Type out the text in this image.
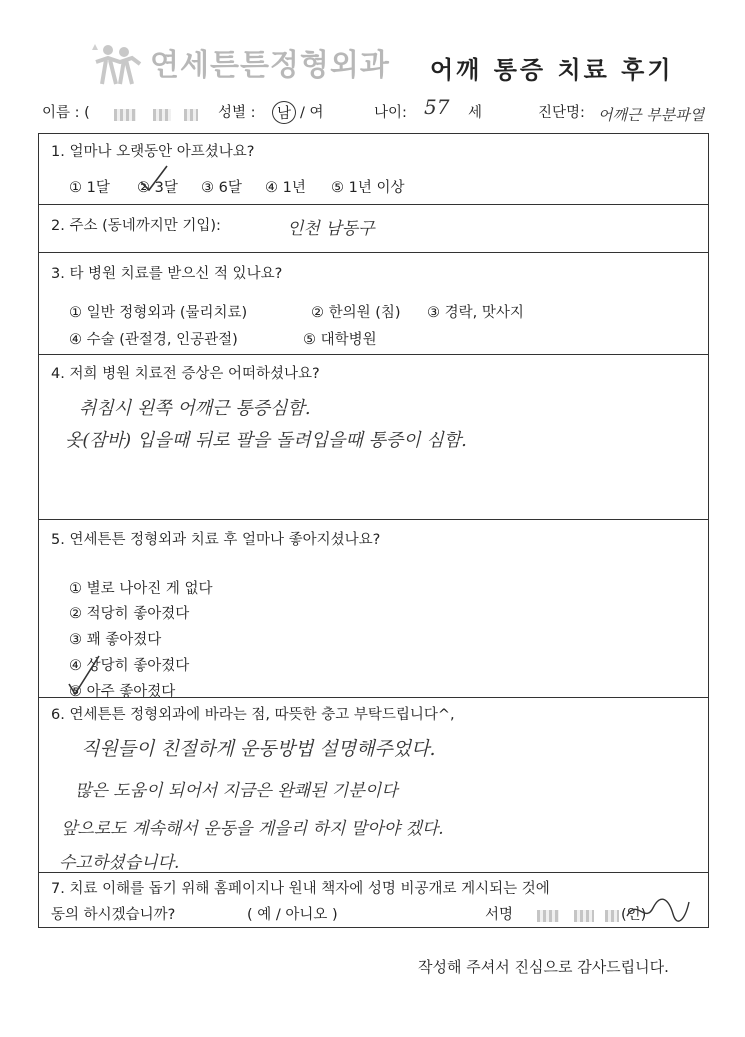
연세튼튼정형외과 어깨 통증 치료 후기
이름 : (
	성별 :	남 / 여	나이: 57 세	진단명: 어깨근 부분파열
1. 얼마나 오랫동안 아프셨나요?
① 1달 ② 3달 ③ 6달 ④ 1년 ⑤ 1년 이상
2. 주소 (동네까지만 기입):	인천 남동구
3. 타 병원 치료를 받으신 적 있나요?
① 일반 정형외과 (물리치료)	② 한의원 (침) ③ 경락, 맛사지
④ 수술 (관절경, 인공관절)	⑤ 대학병원
4. 저희 병원 치료전 증상은 어떠하셨나요?
취침시 왼쪽 어깨근 통증심함.
옷(잠바) 입을때 뒤로 팔을 돌려입을때 통증이 심함.
5. 연세튼튼 정형외과 치료 후 얼마나 좋아지셨나요?
① 별로 나아진 게 없다
② 적당히 좋아졌다
③ 꽤 좋아졌다
④ 상당히 좋아졌다
⑤ 아주 좋아졌다
6. 연세튼튼 정형외과에 바라는 점, 따뜻한 충고 부탁드립니다^,
직원들이 친절하게 운동방법 설명해주었다.
많은 도움이 되어서 지금은 완쾌된 기분이다
앞으로도 계속해서 운동을 게을리 하지 말아야 겠다.
수고하셨습니다.
7. 치료 이해를 돕기 위해 홈페이지나 원내 책자에 성명 비공개로 게시되는 것에
동의 하시겠습니까?	( 예 / 아니오 )	서명
	(인)
작성해 주셔서 진심으로 감사드립니다.
